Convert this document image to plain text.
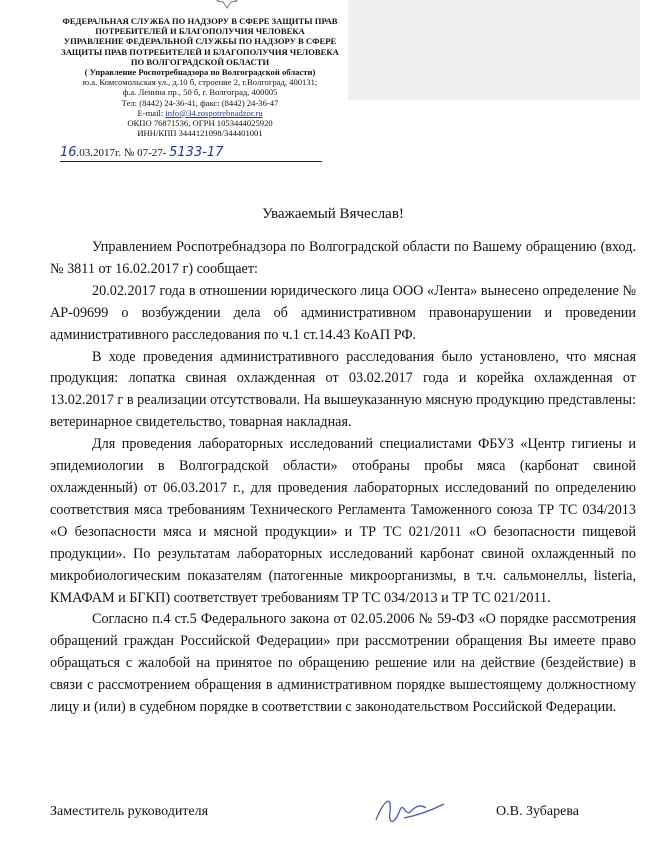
ФЕДЕРАЛЬНАЯ СЛУЖБА ПО НАДЗОРУ В СФЕРЕ ЗАЩИТЫ ПРАВ
ПОТРЕБИТЕЛЕЙ И БЛАГОПОЛУЧИЯ ЧЕЛОВЕКА
УПРАВЛЕНИЕ ФЕДЕРАЛЬНОЙ СЛУЖБЫ ПО НАДЗОРУ В СФЕРЕ
ЗАЩИТЫ ПРАВ ПОТРЕБИТЕЛЕЙ И БЛАГОПОЛУЧИЯ ЧЕЛОВЕКА
ПО ВОЛГОГРАДСКОЙ ОБЛАСТИ
( Управление Роспотребнадзора по Волгоградской области)
ю.а. Комсомольская ул., д.10 б, строение 2, г.Волгоград, 400131;
ф.а. Ленина пр., 50 б, г. Волгоград, 400005
Тел: (8442) 24-36-41, факс: (8442) 24-36-47
E-mail: info@34.rospotrebnadzor.ru
ОКПО 76871536, ОГРН 1053444025920
ИНН/КПП 3444121098/344401001
16.03.2017г. № 07-27- 5133-17
Уважаемый Вячеслав!

Управлением Роспотребнадзора по Волгоградской области по Вашему обращению (вход.№ 3811 от 16.02.2017 г) сообщает:

20.02.2017 года в отношении юридического лица ООО «Лента» вынесено определение № АР-09699 о возбуждении дела об административном правонарушении и проведении административного расследования по ч.1 ст.14.43 КоАП РФ.

В ходе проведения административного расследования было установлено, что мясная продукция: лопатка свиная охлажденная от 03.02.2017 года и корейка охлажденная от 13.02.2017 г в реализации отсутствовали. На вышеуказанную мясную продукцию представлены: ветеринарное свидетельство, товарная накладная.

Для проведения лабораторных исследований специалистами ФБУЗ «Центр гигиены и эпидемиологии в Волгоградской области» отобраны пробы мяса (карбонат свиной охлажденный) от 06.03.2017 г., для проведения лабораторных исследований по определению соответствия мяса требованиям Технического Регламента Таможенного союза ТР ТС 034/2013 «О безопасности мяса и мясной продукции» и ТР ТС 021/2011 «О безопасности пищевой продукции». По результатам лабораторных исследований карбонат свиной охлажденный по микробиологическим показателям (патогенные микроорганизмы, в т.ч. сальмонеллы, listeria, КМАФАМ и БГКП) соответствует требованиям ТР ТС 034/2013 и ТР ТС 021/2011.

Согласно п.4 ст.5 Федерального закона от 02.05.2006 № 59-ФЗ «О порядке рассмотрения обращений граждан Российской Федерации» при рассмотрении обращения Вы имеете право обращаться с жалобой на принятое по обращению решение или на действие (бездействие) в связи с рассмотрением обращения в административном порядке вышестоящему должностному лицу и (или) в судебном порядке в соответствии с законодательством Российской Федерации.

Заместитель руководителя	О.В. Зубарева
